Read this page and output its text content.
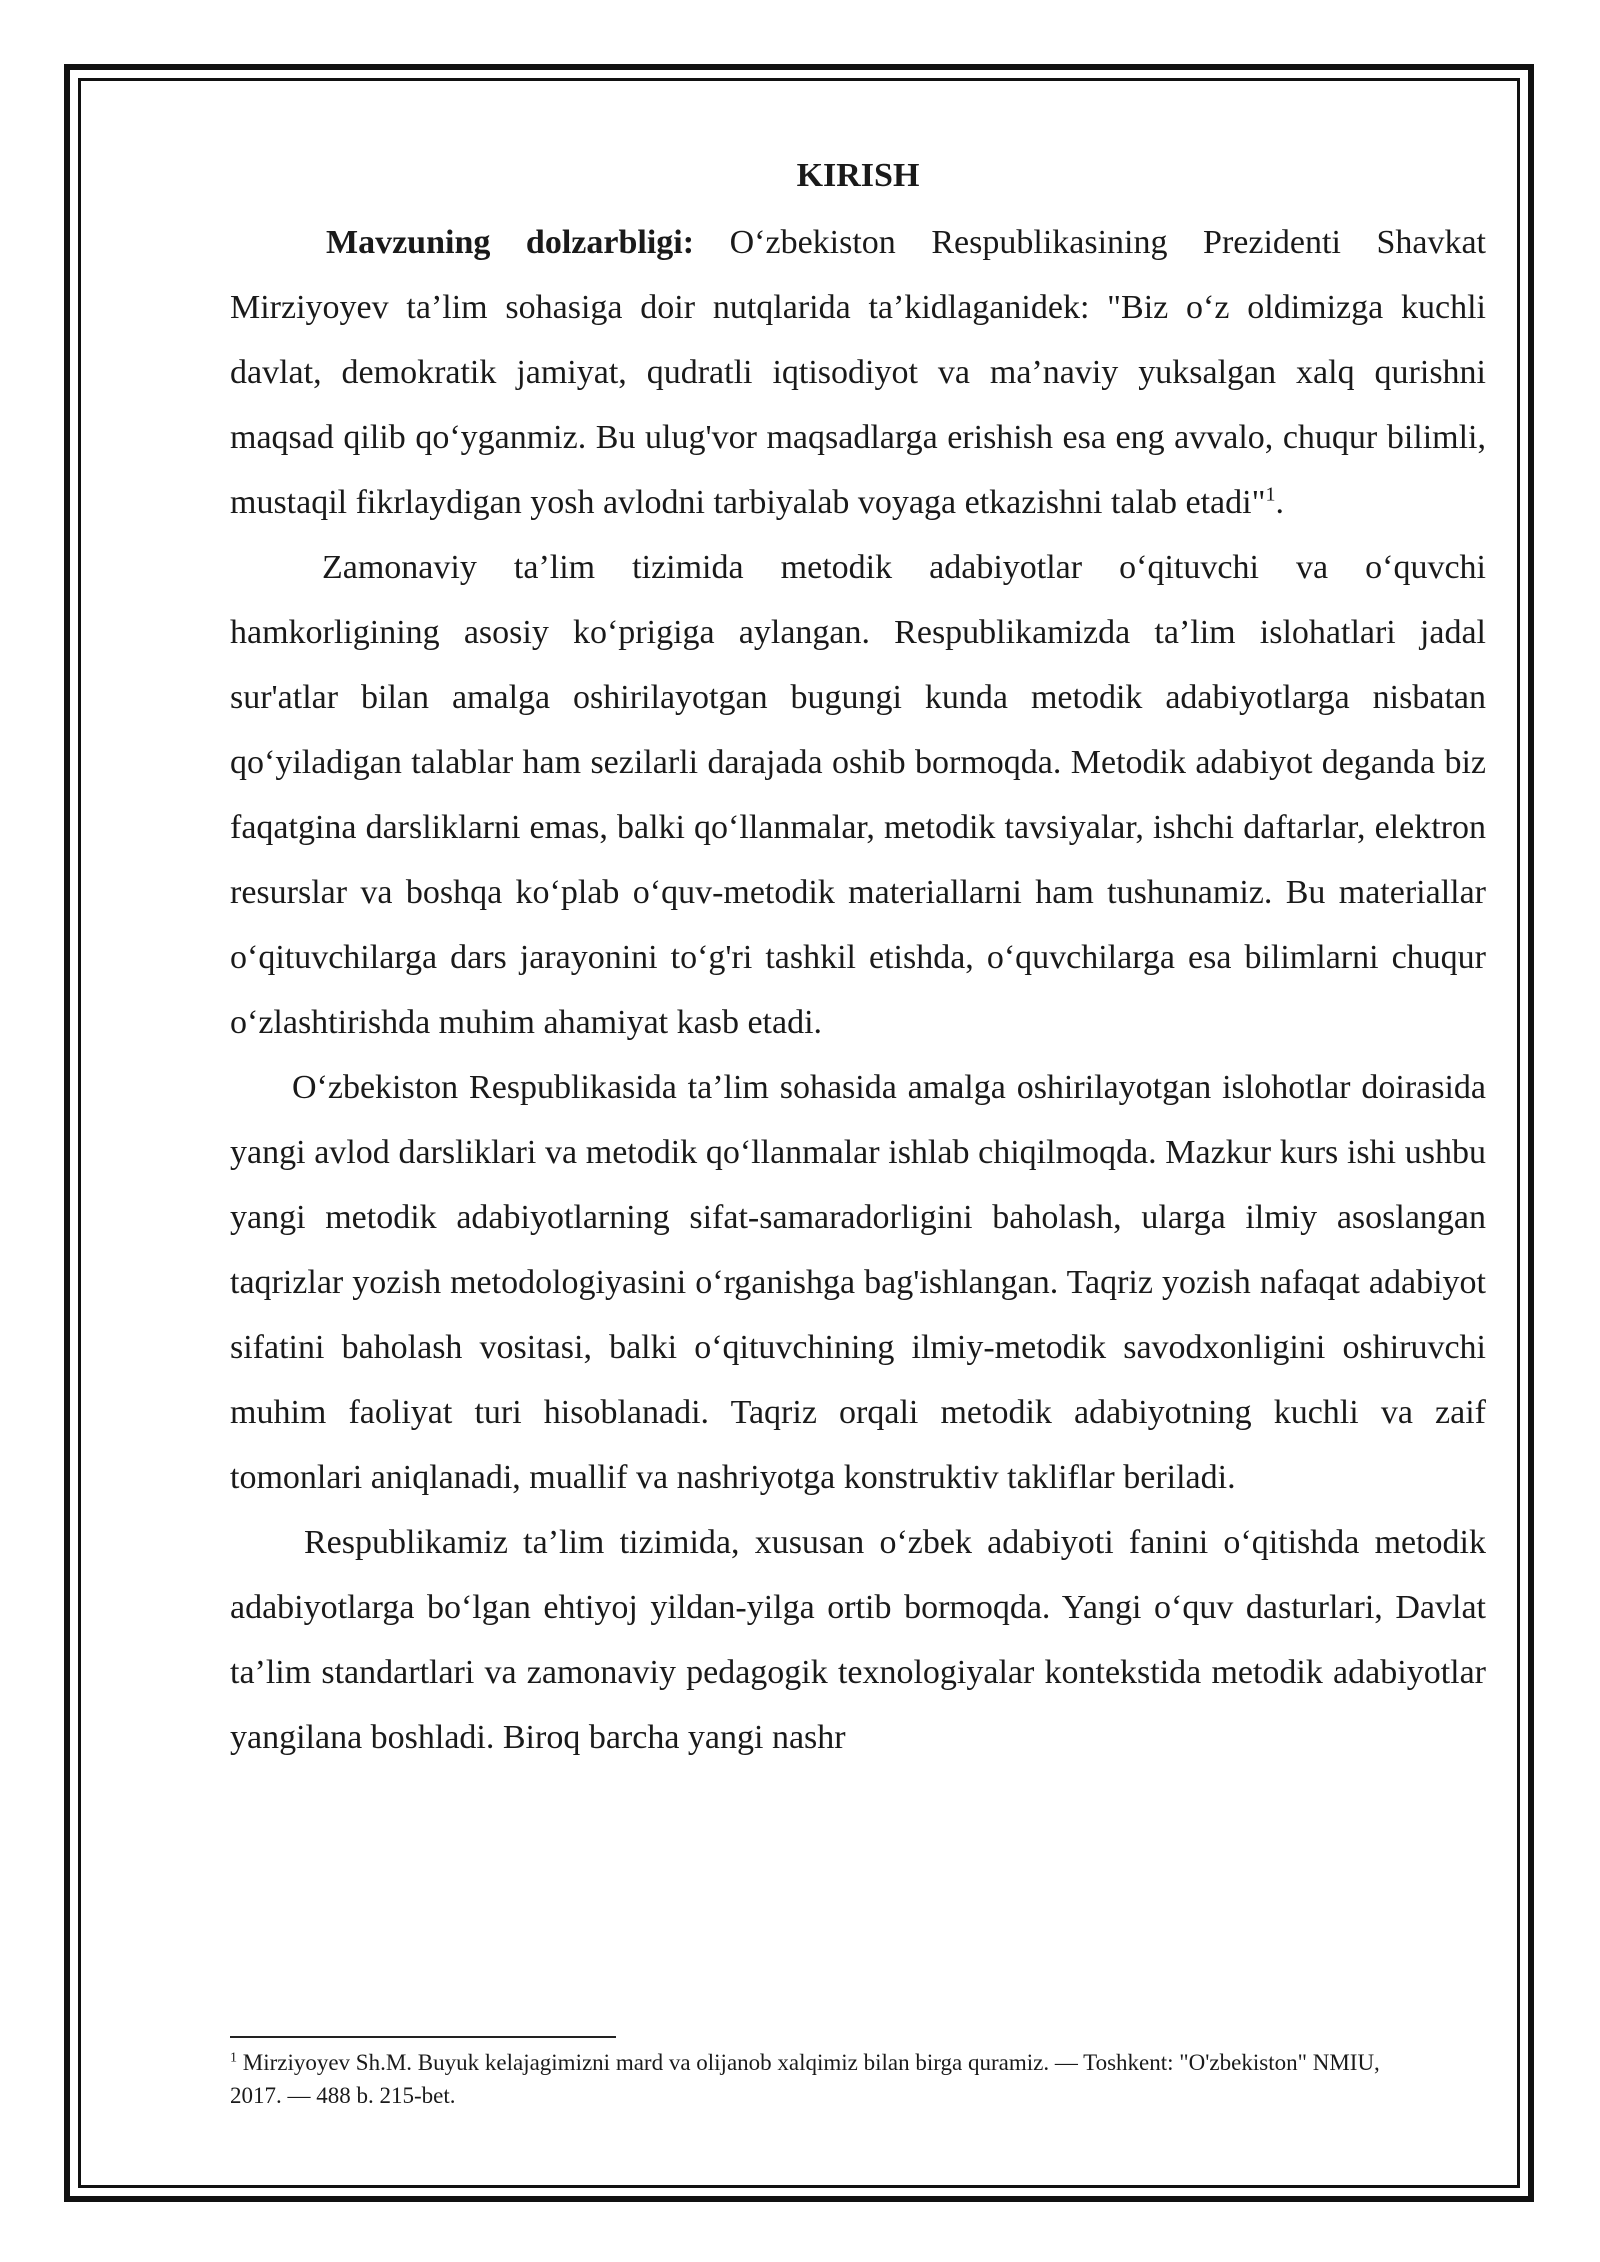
KIRISH

Mavzuning dolzarbligi: O‘zbekiston Respublikasining Prezidenti Shavkat Mirziyoyev ta’lim sohasiga doir nutqlarida ta’kidlaganidek: "Biz o‘z oldimizga kuchli davlat, demokratik jamiyat, qudratli iqtisodiyot va ma’naviy yuksalgan xalq qurishni maqsad qilib qo‘yganmiz. Bu ulug'vor maqsadlarga erishish esa eng avvalo, chuqur bilimli, mustaqil fikrlaydigan yosh avlodni tarbiyalab voyaga etkazishni talab etadi"$^1$.

Zamonaviy ta’lim tizimida metodik adabiyotlar o‘qituvchi va o‘quvchi hamkorligining asosiy ko‘prigiga aylangan. Respublikamizda ta’lim islohatlari jadal sur'atlar bilan amalga oshirilayotgan bugungi kunda metodik adabiyotlarga nisbatan qo‘yiladigan talablar ham sezilarli darajada oshib bormoqda. Metodik adabiyot deganda biz faqatgina darsliklarni emas, balki qo‘llanmalar, metodik tavsiyalar, ishchi daftarlar, elektron resurslar va boshqa ko‘plab o‘quv-metodik materiallarni ham tushunamiz. Bu materiallar o‘qituvchilarga dars jarayonini to‘g'ri tashkil etishda, o‘quvchilarga esa bilimlarni chuqur o‘zlashtirishda muhim ahamiyat kasb etadi.

O‘zbekiston Respublikasida ta’lim sohasida amalga oshirilayotgan islohotlar doirasida yangi avlod darsliklari va metodik qo‘llanmalar ishlab chiqilmoqda. Mazkur kurs ishi ushbu yangi metodik adabiyotlarning sifat-samaradorligini baholash, ularga ilmiy asoslangan taqrizlar yozish metodologiyasini o‘rganishga bag'ishlangan. Taqriz yozish nafaqat adabiyot sifatini baholash vositasi, balki o‘qituvchining ilmiy-metodik savodxonligini oshiruvchi muhim faoliyat turi hisoblanadi. Taqriz orqali metodik adabiyotning kuchli va zaif tomonlari aniqlanadi, muallif va nashriyotga konstruktiv takliflar beriladi.

Respublikamiz ta’lim tizimida, xususan o‘zbek adabiyoti fanini o‘qitishda metodik adabiyotlarga bo‘lgan ehtiyoj yildan-yilga ortib bormoqda. Yangi o‘quv dasturlari, Davlat ta’lim standartlari va zamonaviy pedagogik texnologiyalar kontekstida metodik adabiyotlar yangilana boshladi. Biroq barcha yangi nashr

$^1$ Mirziyoyev Sh.M. Buyuk kelajagimizni mard va olijanob xalqimiz bilan birga quramiz. — Toshkent: "O'zbekiston" NMIU, 2017. — 488 b. 215-bet.
